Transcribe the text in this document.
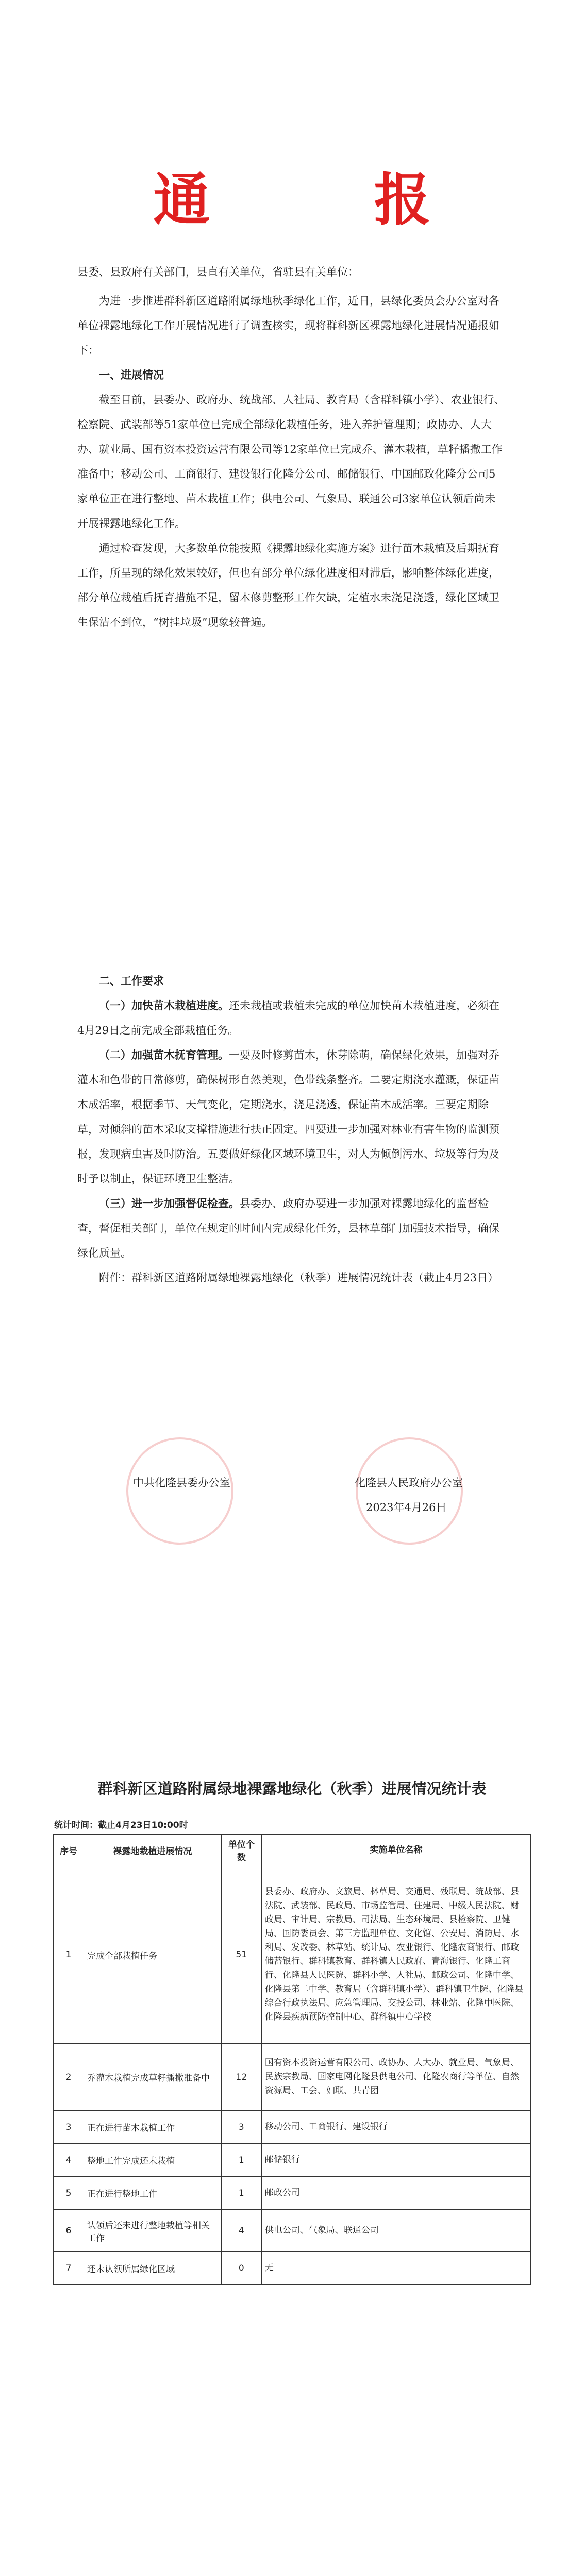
通 报
县委、县政府有关部门，县直有关单位，省驻县有关单位：
为进一步推进群科新区道路附属绿地秋季绿化工作，近日，县绿化委员会办公室对各单位裸露地绿化工作开展情况进行了调查核实，现将群科新区裸露地绿化进展情况通报如下：
一、进展情况
截至目前，县委办、政府办、统战部、人社局、教育局（含群科镇小学）、农业银行、检察院、武装部等51家单位已完成全部绿化栽植任务，进入养护管理期；政协办、人大办、就业局、国有资本投资运营有限公司等12家单位已完成乔、灌木栽植，草籽播撒工作准备中；移动公司、工商银行、建设银行化隆分公司、邮储银行、中国邮政化隆分公司5家单位正在进行整地、苗木栽植工作；供电公司、气象局、联通公司3家单位认领后尚未开展裸露地绿化工作。
通过检查发现，大多数单位能按照《裸露地绿化实施方案》进行苗木栽植及后期抚育工作，所呈现的绿化效果较好，但也有部分单位绿化进度相对滞后，影响整体绿化进度，部分单位栽植后抚育措施不足，留木修剪整形工作欠缺，定植水未浇足浇透，绿化区域卫生保洁不到位，“树挂垃圾”现象较普遍。
二、工作要求
（一）加快苗木栽植进度。还未栽植或栽植未完成的单位加快苗木栽植进度，必须在4月29日之前完成全部栽植任务。
（二）加强苗木抚育管理。一要及时修剪苗木，休芽除萌，确保绿化效果，加强对乔灌木和色带的日常修剪，确保树形自然美观，色带线条整齐。二要定期浇水灌溉，保证苗木成活率，根据季节、天气变化，定期浇水，浇足浇透，保证苗木成活率。三要定期除草，对倾斜的苗木采取支撑措施进行扶正固定。四要进一步加强对林业有害生物的监测预报，发现病虫害及时防治。五要做好绿化区域环境卫生，对人为倾倒污水、垃圾等行为及时予以制止，保证环境卫生整洁。
（三）进一步加强督促检查。县委办、政府办要进一步加强对裸露地绿化的监督检查，督促相关部门，单位在规定的时间内完成绿化任务，县林草部门加强技术指导，确保绿化质量。
附件：群科新区道路附属绿地裸露地绿化（秋季）进展情况统计表（截止4月23日）
中共化隆县委办公室	化隆县人民政府办公室
2023年4月26日
群科新区道路附属绿地裸露地绿化（秋季）进展情况统计表
统计时间：截止4月23日10:00时
序号	裸露地栽植进展情况	单位个数	实施单位名称
1	完成全部栽植任务	51	县委办、政府办、文旅局、林草局、交通局、残联局、统战部、县法院、武装部、民政局、市场监管局、住建局、中级人民法院、财政局、审计局、宗教局、司法局、生态环境局、县检察院、卫健局、国防委员会、第三方监理单位、文化馆、公安局、消防局、水利局、发改委、林草站、统计局、农业银行、化隆农商银行、邮政储蓄银行、群科镇教育、群科镇人民政府、青海银行、化隆工商行、化隆县人民医院、群科小学、人社局、邮政公司、化隆中学、化隆县第二中学、教育局（含群科镇小学）、群科镇卫生院、化隆县综合行政执法局、应急管理局、交投公司、林业站、化隆中医院、化隆县疾病预防控制中心、群科镇中心学校
2	乔灌木栽植完成草籽播撒准备中	12	国有资本投资运营有限公司、政协办、人大办、就业局、气象局、民族宗教局、国家电网化隆县供电公司、化隆农商行等单位、自然资源局、工会、妇联、共青团
3	正在进行苗木栽植工作	3	移动公司、工商银行、建设银行
4	整地工作完成还未栽植	1	邮储银行
5	正在进行整地工作	1	邮政公司
6	认领后还未进行整地栽植等相关工作	4	供电公司、气象局、联通公司
7	还未认领所属绿化区域	0	无
